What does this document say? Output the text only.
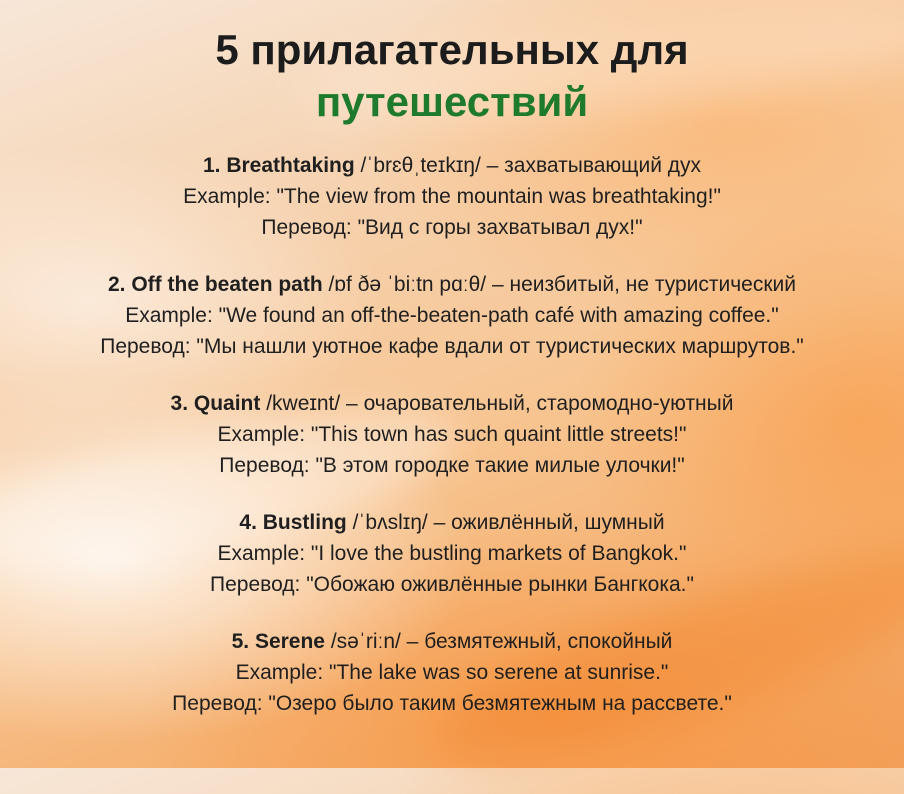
5 прилагательных для
путешествий
1. Breathtaking /ˈbrɛθˌteɪkɪŋ/ – захватывающий дух
Example: "The view from the mountain was breathtaking!"
Перевод: "Вид с горы захватывал дух!"
2. Off the beaten path /ɒf ðə ˈbiːtn pɑːθ/ – неизбитый, не туристический
Example: "We found an off-the-beaten-path café with amazing coffee."
Перевод: "Мы нашли уютное кафе вдали от туристических маршрутов."
3. Quaint /kweɪnt/ – очаровательный, старомодно-уютный
Example: "This town has such quaint little streets!"
Перевод: "В этом городке такие милые улочки!"
4. Bustling /ˈbʌslɪŋ/ – оживлённый, шумный
Example: "I love the bustling markets of Bangkok."
Перевод: "Обожаю оживлённые рынки Бангкока."
5. Serene /səˈriːn/ – безмятежный, спокойный
Example: "The lake was so serene at sunrise."
Перевод: "Озеро было таким безмятежным на рассвете."
